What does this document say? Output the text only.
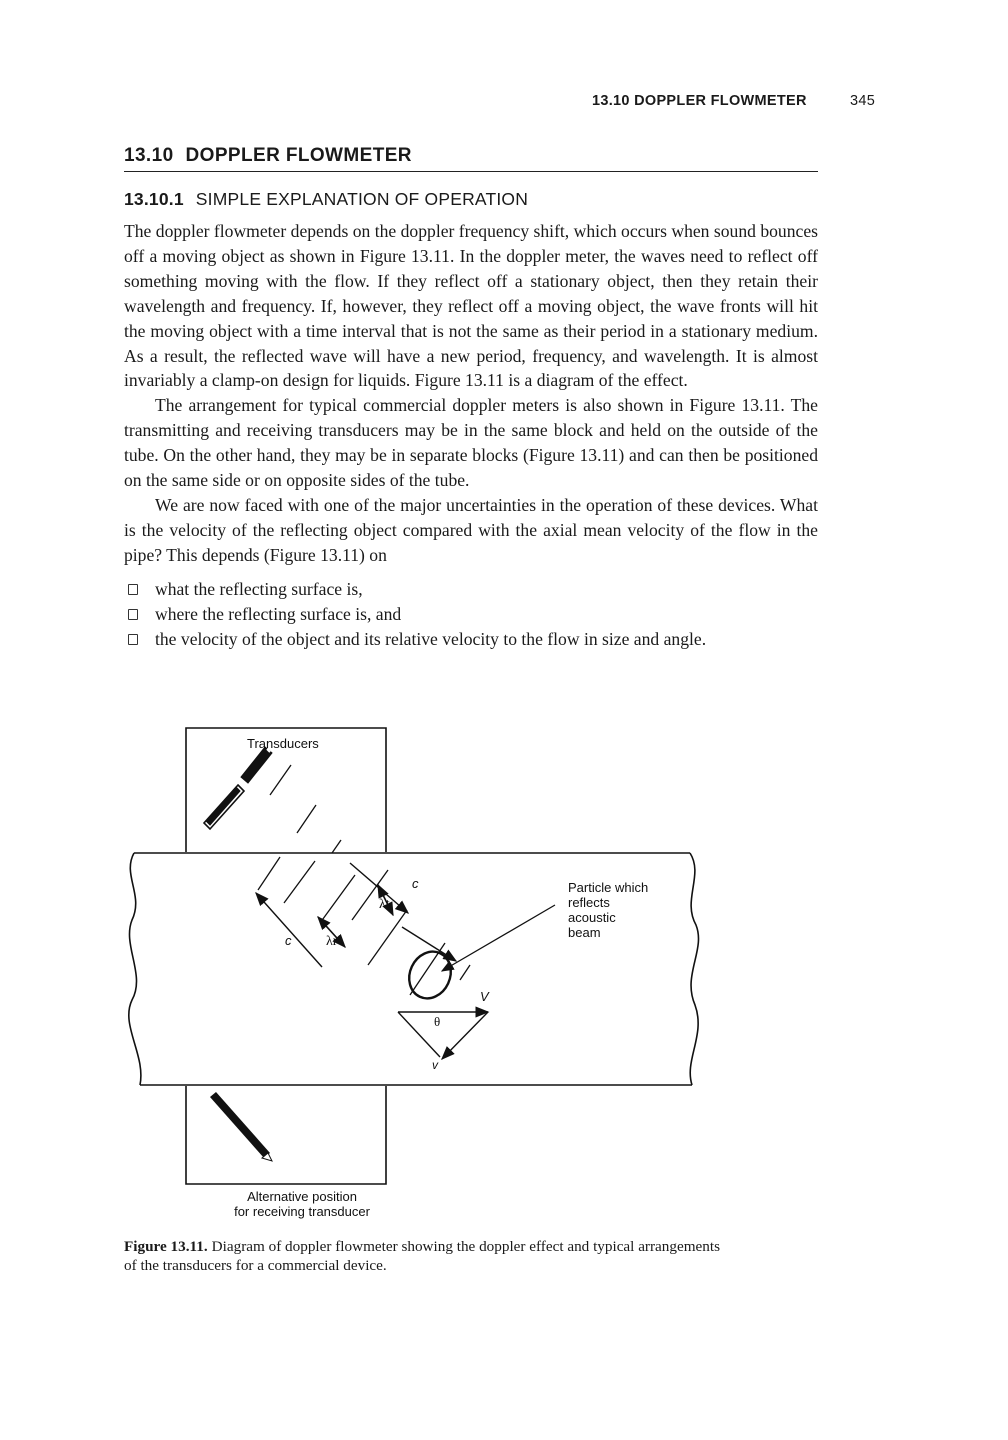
13.10 DOPPLER FLOWMETER	345
13.10 DOPPLER FLOWMETER
13.10.1 SIMPLE EXPLANATION OF OPERATION

The doppler flowmeter depends on the doppler frequency shift, which occurs when sound bounces off a moving object as shown in Figure 13.11. In the doppler meter, the waves need to reflect off something moving with the flow. If they reflect off a stationary object, then they retain their wavelength and frequency. If, however, they reflect off a moving object, the wave fronts will hit the moving object with a time interval that is not the same as their period in a stationary medium. As a result, the reflected wave will have a new period, frequency, and wavelength. It is almost invariably a clamp-on design for liquids. Figure 13.11 is a diagram of the effect.

The arrangement for typical commercial doppler meters is also shown in Figure 13.11. The transmitting and receiving transducers may be in the same block and held on the outside of the tube. On the other hand, they may be in separate blocks (Figure 13.11) and can then be positioned on the same side or on opposite sides of the tube.

We are now faced with one of the major uncertainties in the operation of these devices. What is the velocity of the reflecting object compared with the axial mean velocity of the flow in the pipe? This depends (Figure 13.11) on

what the reflecting surface is,
where the reflecting surface is, and
the velocity of the object and its relative velocity to the flow in size and angle.
Transducers
Particle which
reflects
acoustic
beam
c
c
λt
λr
V
θ
v
Alternative position
for receiving transducer
Figure 13.11. Diagram of doppler flowmeter showing the doppler effect and typical arrangements of the transducers for a commercial device.
